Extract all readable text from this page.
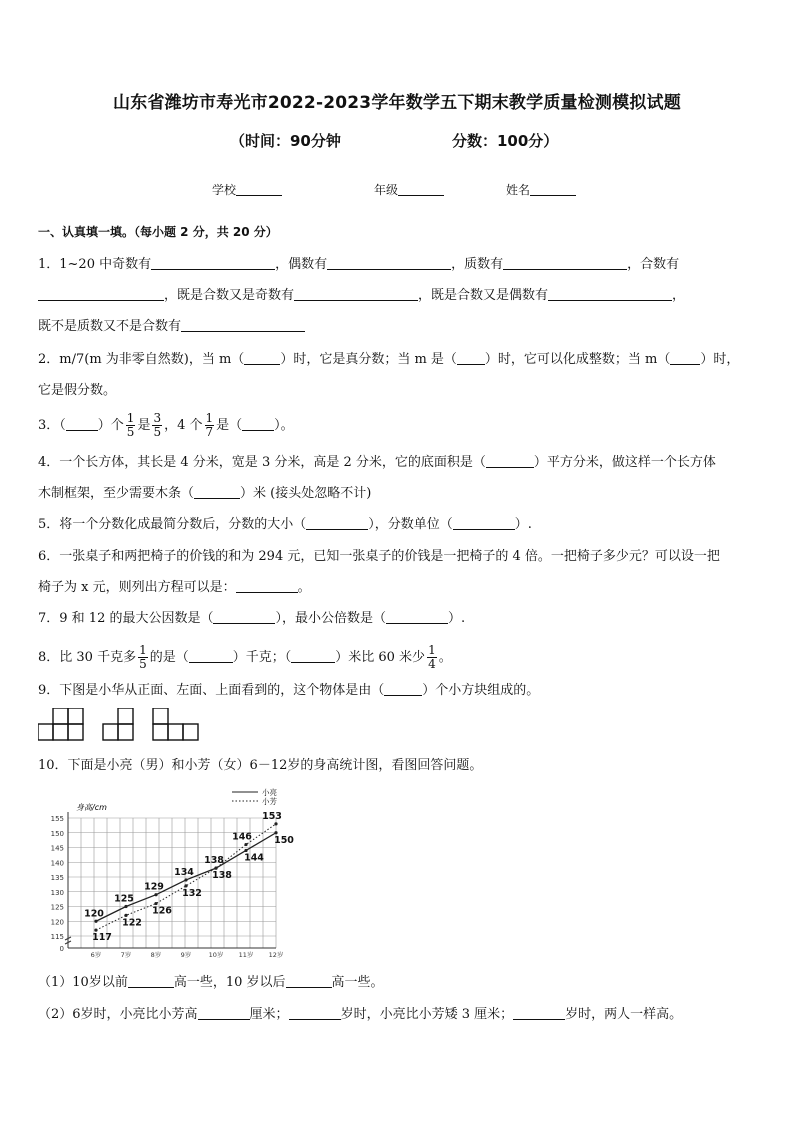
山东省潍坊市寿光市2022-2023学年数学五下期末教学质量检测模拟试题
（时间：90分钟	分数：100分）
学校	年级	姓名
一、认真填一填。（每小题 2 分，共 20 分）
1．1~20 中奇数有	，偶数有	，质数有	，合数有
，既是合数又是奇数有	，既是合数又是偶数有	，
既不是质数又不是合数有
2．m/7(m 为非零自然数)，当 m（	）时，它是真分数；当 m 是（ ）时，它可以化成整数；当 m（ ）时，
它是假分数。
3．（ ）个 $\frac{1}{5}$ 是 $\frac{3}{5}$ ，4 个 $\frac{1}{7}$ 是（ ）。
4．一个长方体，其长是 4 分米，宽是 3 分米，高是 2 分米，它的底面积是（	）平方分米，做这样一个长方体
木制框架，至少需要木条（	）米 (接头处忽略不计)
5．将一个分数化成最简分数后，分数的大小（	），分数单位（	）.
6．一张桌子和两把椅子的价钱的和为 294 元，已知一张桌子的价钱是一把椅子的 4 倍。一把椅子多少元？可以设一把
椅子为 x 元，则列出方程可以是：	。
7．9 和 12 的最大公因数是（	），最小公倍数是（	）.
8．比 30 千克多 $\frac{1}{5}$ 的是（	）千克；（	）米比 60 米少 $\frac{1}{4}$ 。
9．下图是小华从正面、左面、上面看到的，这个物体是由（	）个小方块组成的。
10．下面是小亮（男）和小芳（女）6－12岁的身高统计图，看图回答问题。
0
115
120
125
130
135
140
145
150
155
6岁	7岁	8岁	9岁	10岁 11岁 12岁
120
125
129
134
138 144
150
117
122
126
132
138
146
153
身高/cm
小亮
小芳
（1）10岁以前	高一些，10 岁以后	高一些。
（2）6岁时，小亮比小芳高	厘米；	岁时，小亮比小芳矮 3 厘米；	岁时，两人一样高。
